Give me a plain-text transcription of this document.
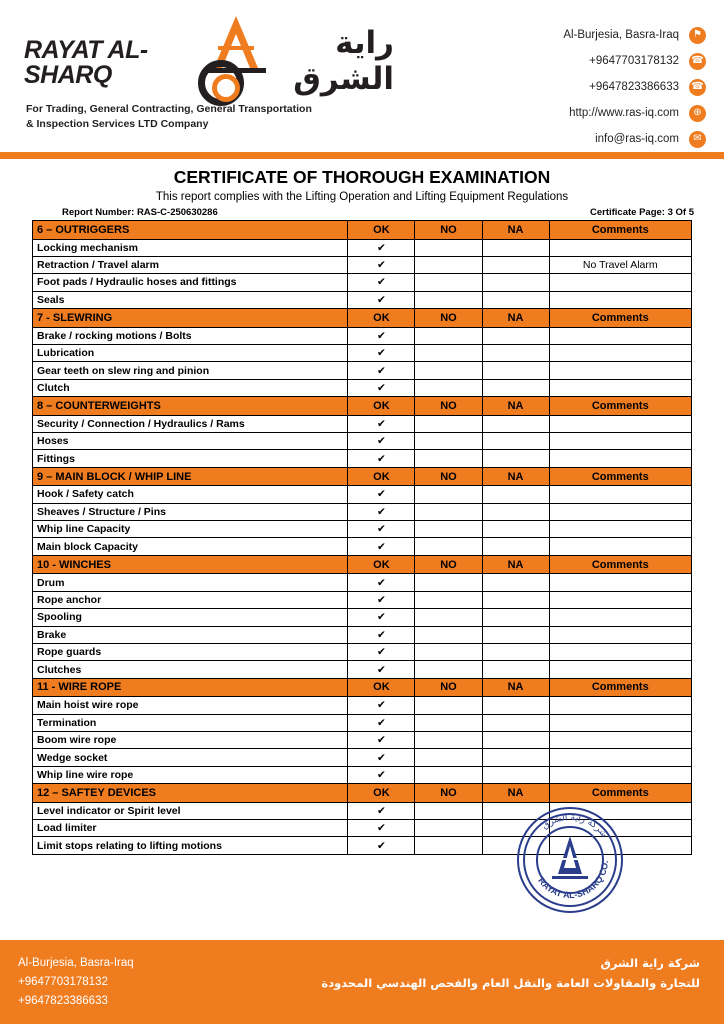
RAYAT AL-SHARQ
راية الشرق
For Trading, General Contracting, General Transportation
& Inspection Services LTD Company
Al-Burjesia, Basra-Iraq	⚑
+9647703178132 ☎
+9647823386633 ☎
http://www.ras-iq.com	⊕
info@ras-iq.com	✉
CERTIFICATE OF THOROUGH EXAMINATION
This report complies with the Lifting Operation and Lifting Equipment Regulations
Report Number: RAS-C-250630286	Certificate Page: 3 Of 5
6 – OUTRIGGERS	OK	NO	NA	Comments
Locking mechanism	✔			
Retraction / Travel alarm	✔			No Travel Alarm
Foot pads / Hydraulic hoses and fittings	✔			
Seals	✔			
7 - SLEWRING	OK	NO	NA	Comments
Brake / rocking motions / Bolts	✔			
Lubrication	✔			
Gear teeth on slew ring and pinion	✔			
Clutch	✔			
8 – COUNTERWEIGHTS	OK	NO	NA	Comments
Security / Connection / Hydraulics / Rams	✔			
Hoses	✔			
Fittings	✔			
9 – MAIN BLOCK / WHIP LINE	OK	NO	NA	Comments
Hook / Safety catch	✔			
Sheaves / Structure / Pins	✔			
Whip line Capacity	✔			
Main block Capacity	✔			
10 - WINCHES	OK	NO	NA	Comments
Drum	✔			
Rope anchor	✔			
Spooling	✔			
Brake	✔			
Rope guards	✔			
Clutches	✔			
11 - WIRE ROPE	OK	NO	NA	Comments
Main hoist wire rope	✔			
Termination	✔			
Boom wire rope	✔			
Wedge socket	✔			
Whip line wire rope	✔			
12 – SAFTEY DEVICES	OK	NO	NA	Comments
Level indicator or Spirit level	✔			
Load limiter	✔			
Limit stops relating to lifting motions	✔			
شركة راية الشرق
RAYAT AL-SHARQ CO.
Al-Burjesia, Basra-Iraq
+9647703178132
+9647823386633
شركة راية الشرق
للتجارة والمقاولات العامة والنقل العام والفحص الهندسي المحدودة
